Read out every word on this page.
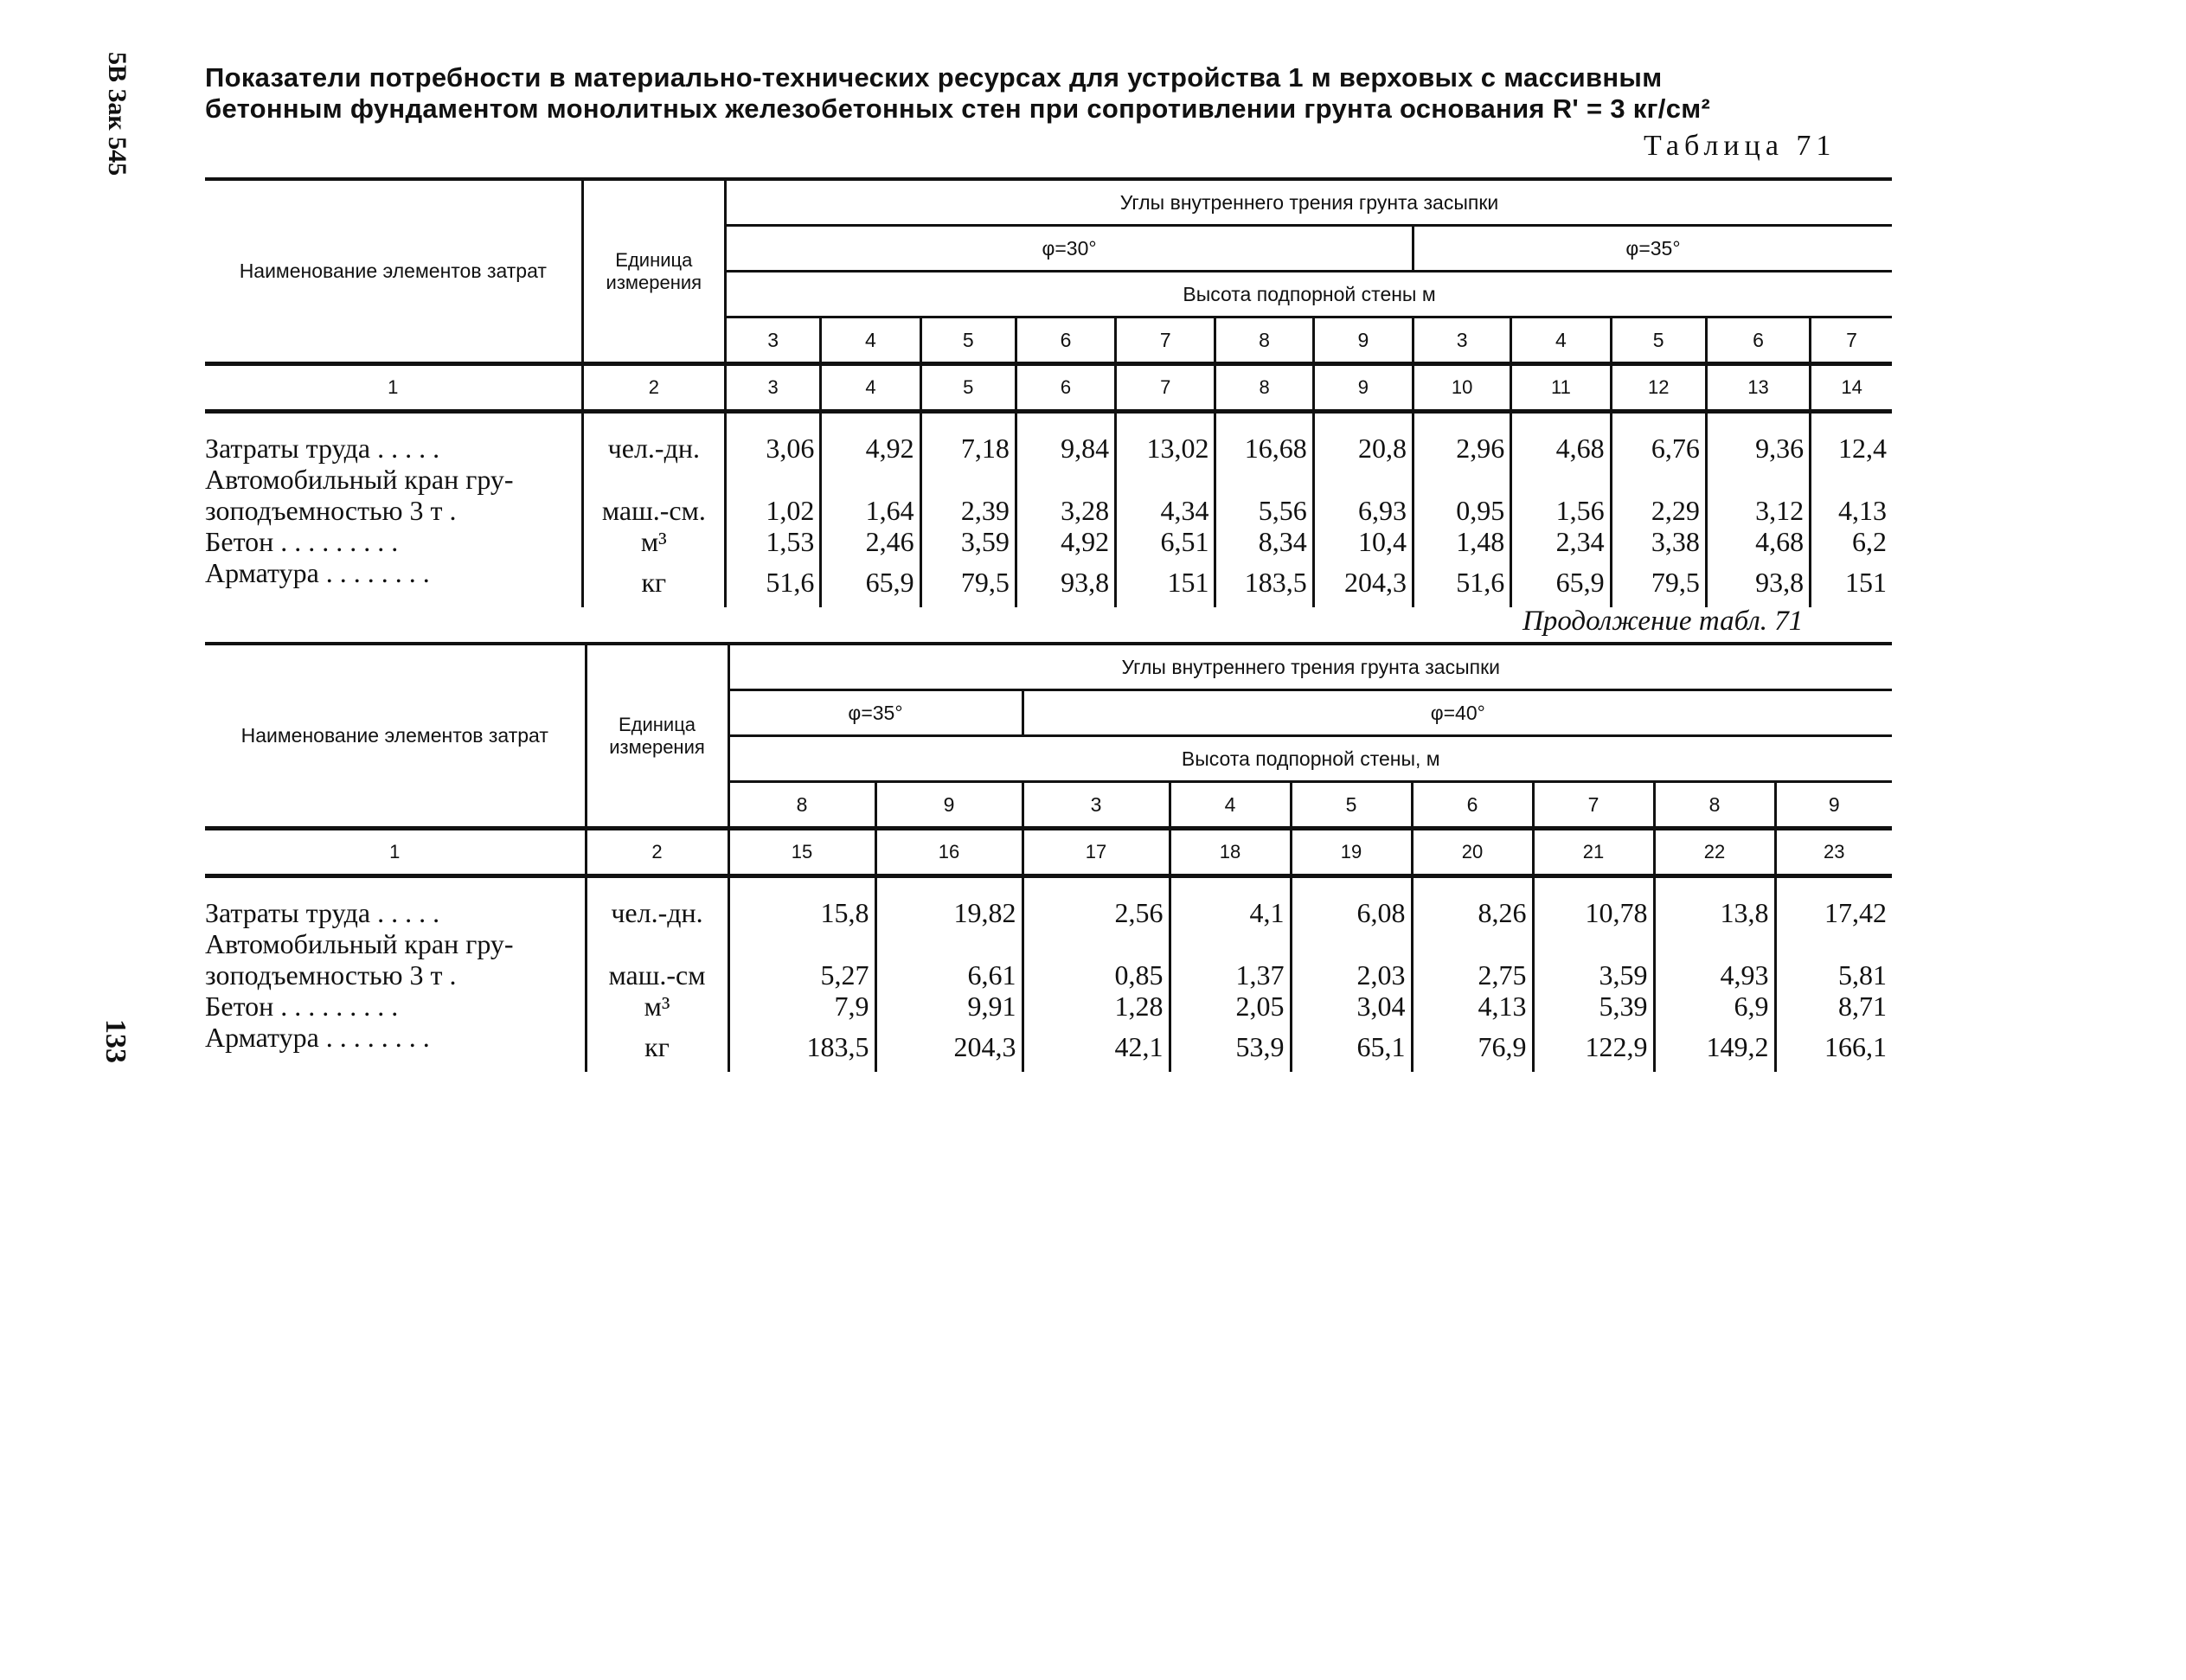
5В Зак 545
133
Показатели потребности в материально-технических ресурсах для устройства 1 м верховых с массивным
бетонным фундаментом монолитных железобетонных стен при сопротивлении грунта основания R' = 3 кг/см²
Таблица 71
Наименование элементов затрат	Единица измерения	Углы внутреннего трения грунта засыпки											
		φ=30°							φ=35°				
		Высота подпорной стены м											
		3	4	5	6	7	8	9	3	4	5	6	7
1	2	3	4	5	6	7	8	9	10	11	12	13	14
Затраты труда . . . . .	чел.-дн.	3,06	4,92	7,18	9,84	13,02	16,68	20,8	2,96	4,68	6,76	9,36	12,4
Автомобильный кран гру-													
зоподъемностью 3 т .	маш.-см.	1,02	1,64	2,39	3,28	4,34	5,56	6,93	0,95	1,56	2,29	3,12	4,13
Бетон . . . . . . . . .	м³	1,53	2,46	3,59	4,92	6,51	8,34	10,4	1,48	2,34	3,38	4,68	6,2
Арматура . . . . . . . .	кг	51,6	65,9	79,5	93,8	151	183,5	204,3	51,6	65,9	79,5	93,8	151
Продолжение табл. 71
Наименование элементов затрат	Единица измерения	Углы внутреннего трения грунта засыпки								
		φ=35°		φ=40°						
		Высота подпорной стены, м								
		8	9	3	4	5	6	7	8	9
1	2	15	16	17	18	19	20	21	22	23
Затраты труда . . . . .	чел.-дн.	15,8	19,82	2,56	4,1	6,08	8,26	10,78	13,8	17,42
Автомобильный кран гру-										
зоподъемностью 3 т .	маш.-см	5,27	6,61	0,85	1,37	2,03	2,75	3,59	4,93	5,81
Бетон . . . . . . . . .	м³	7,9	9,91	1,28	2,05	3,04	4,13	5,39	6,9	8,71
Арматура . . . . . . . .	кг	183,5	204,3	42,1	53,9	65,1	76,9	122,9	149,2	166,1
